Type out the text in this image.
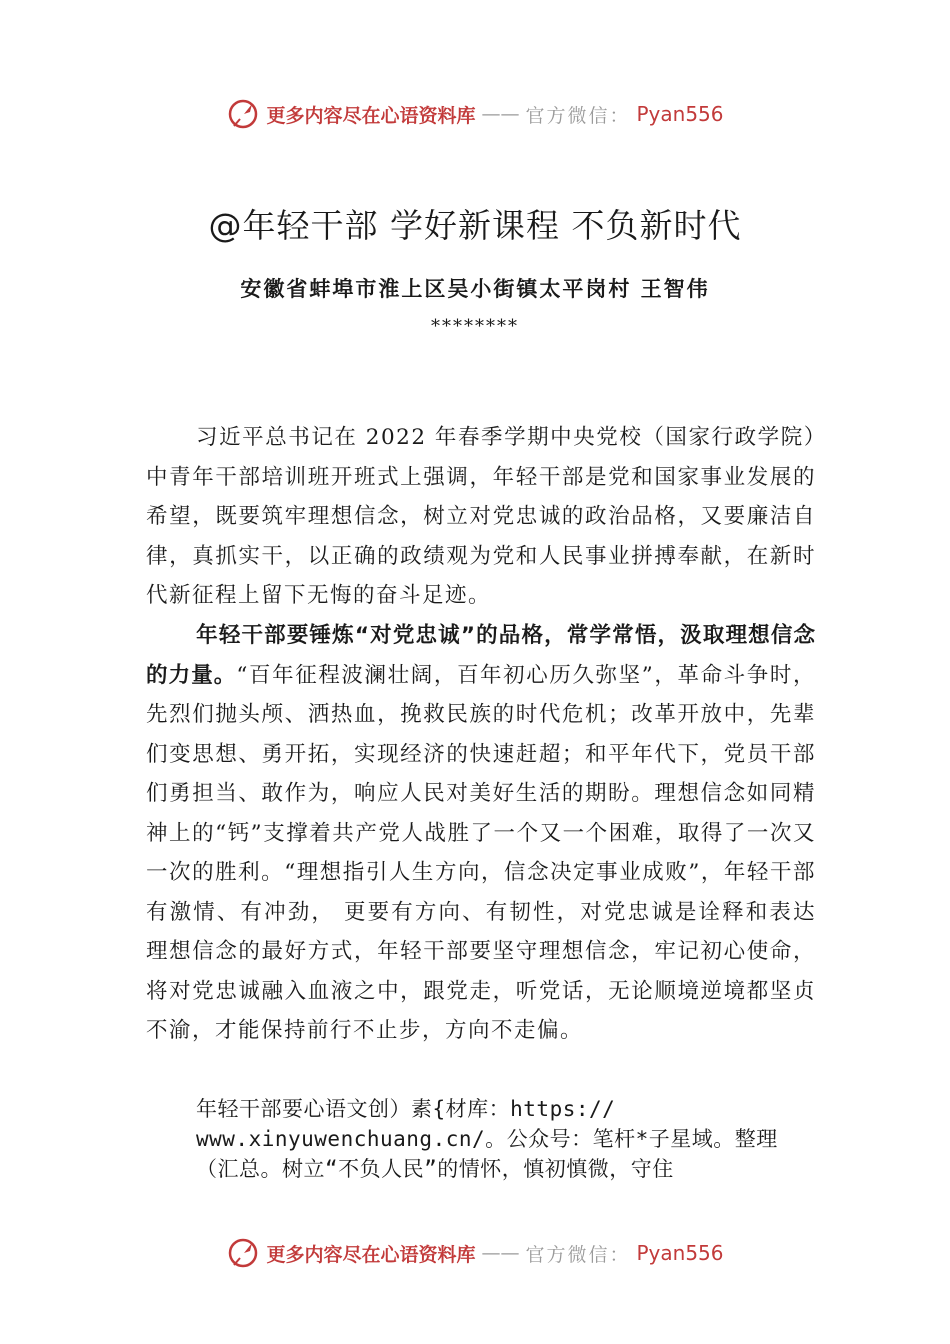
更多内容尽在心语资料库 —— 官方微信： Pyan556
@年轻干部 学好新课程 不负新时代
安徽省蚌埠市淮上区吴小街镇太平岗村 王智伟
********
习近平总书记在 2022 年春季学期中央党校（国家行政学院）中青年干部培训班开班式上强调，年轻干部是党和国家事业发展的希望，既要筑牢理想信念，树立对党忠诚的政治品格，又要廉洁自律，真抓实干，以正确的政绩观为党和人民事业拼搏奉献，在新时代新征程上留下无悔的奋斗足迹。
年轻干部要锤炼“对党忠诚”的品格，常学常悟，汲取理想信念的力量。“百年征程波澜壮阔，百年初心历久弥坚”，革命斗争时，先烈们抛头颅、洒热血，挽救民族的时代危机；改革开放中，先辈们变思想、勇开拓，实现经济的快速赶超；和平年代下，党员干部们勇担当、敢作为，响应人民对美好生活的期盼。理想信念如同精神上的“钙”支撑着共产党人战胜了一个又一个困难，取得了一次又一次的胜利。“理想指引人生方向，信念决定事业成败”，年轻干部有激情、有冲劲， 更要有方向、有韧性，对党忠诚是诠释和表达理想信念的最好方式，年轻干部要坚守理想信念，牢记初心使命，将对党忠诚融入血液之中，跟党走，听党话，无论顺境逆境都坚贞不渝，才能保持前行不止步，方向不走偏。
年轻干部要心语文创）素{材库：https://
www.xinyuwenchuang.cn/。公众号：笔杆*子星域。整理
（汇总。树立“不负人民”的情怀，慎初慎微，守住
更多内容尽在心语资料库 —— 官方微信： Pyan556
